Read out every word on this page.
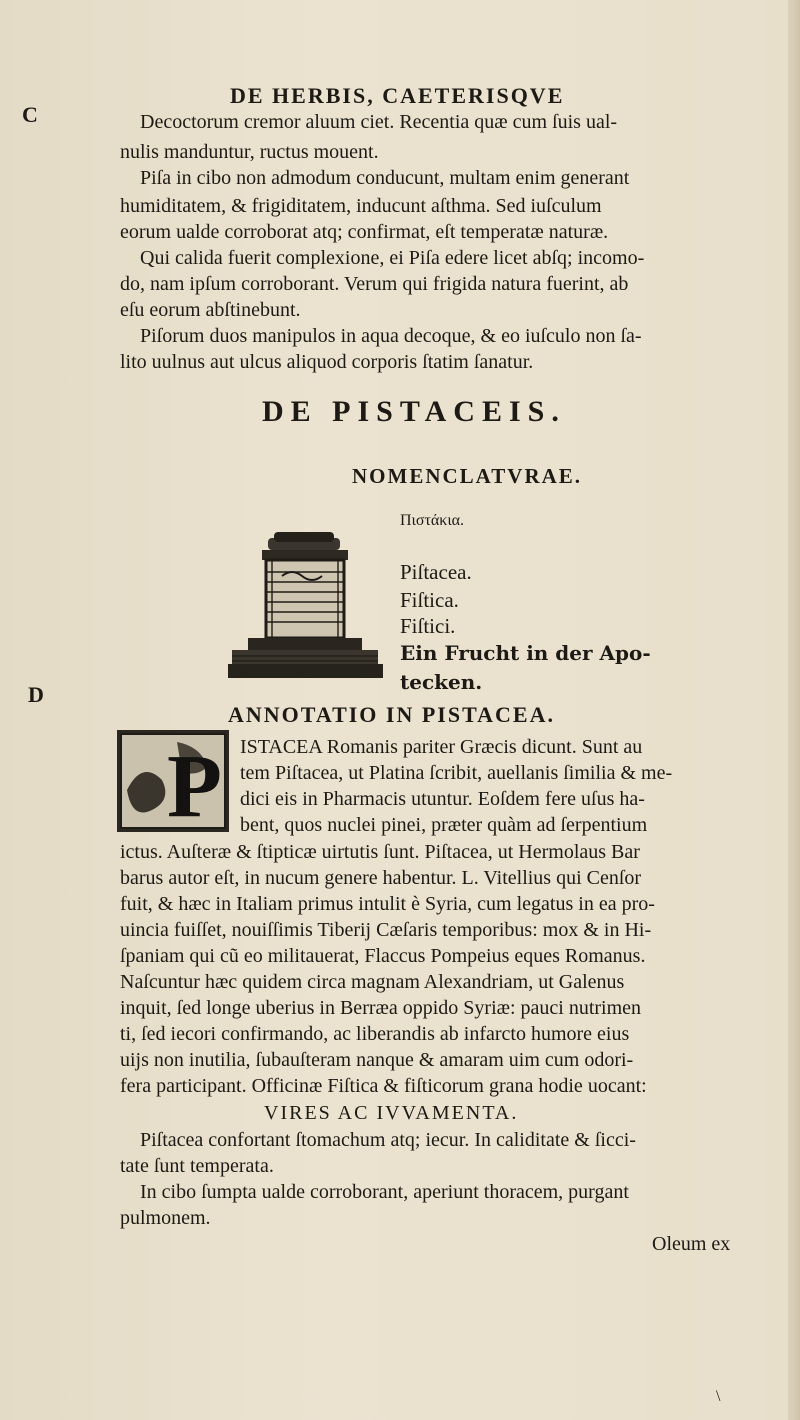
C
D
DE HERBIS, CAETERISQVE
Decoctorum cremor aluum ciet. Recentia quæ cum ſuis ual-
nulis manduntur, ructus mouent.
Piſa in cibo non admodum conducunt, multam enim generant
humiditatem, & frigiditatem, inducunt aſthma. Sed iuſculum
eorum ualde corroborat atq; confirmat, eſt temperatæ naturæ.
Qui calida fuerit complexione, ei Piſa edere licet abſq; incomo-
do, nam ipſum corroborant. Verum qui frigida natura fuerint, ab
eſu eorum abſtinebunt.
Piſorum duos manipulos in aqua decoque, & eo iuſculo non ſa-
lito uulnus aut ulcus aliquod corporis ſtatim ſanatur.
DE PISTACEIS.
NOMENCLATVRAE.
Πιστάκια.
Piſtacea.
Fiſtica.
Fiſtici.
Ein Frucht in der Apo-
tecken.
ANNOTATIO IN PISTACEA.
P ISTACEA Romanis pariter Græcis dicunt. Sunt au
tem Piſtacea, ut Platina ſcribit, auellanis ſimilia & me-
dici eis in Pharmacis utuntur. Eoſdem fere uſus ha-
bent, quos nuclei pinei, præter quàm ad ſerpentium
ictus. Auſteræ & ſtipticæ uirtutis ſunt. Piſtacea, ut Hermolaus Bar
barus autor eſt, in nucum genere habentur. L. Vitellius qui Cenſor
fuit, & hæc in Italiam primus intulit è Syria, cum legatus in ea pro-
uincia fuiſſet, nouiſſimis Tiberij Cæſaris temporibus: mox & in Hi-
ſpaniam qui cũ eo militauerat, Flaccus Pompeius eques Romanus.
Naſcuntur hæc quidem circa magnam Alexandriam, ut Galenus
inquit, ſed longe uberius in Berræa oppido Syriæ: pauci nutrimen
ti, ſed iecori confirmando, ac liberandis ab infarcto humore eius
uijs non inutilia, ſubauſteram nanque & amaram uim cum odori-
fera participant. Officinæ Fiſtica & fiſticorum grana hodie uocant:
VIRES AC IVVAMENTA.
Piſtacea confortant ſtomachum atq; iecur. In caliditate & ſicci-
tate ſunt temperata.
In cibo ſumpta ualde corroborant, aperiunt thoracem, purgant
pulmonem.
Oleum ex
\
